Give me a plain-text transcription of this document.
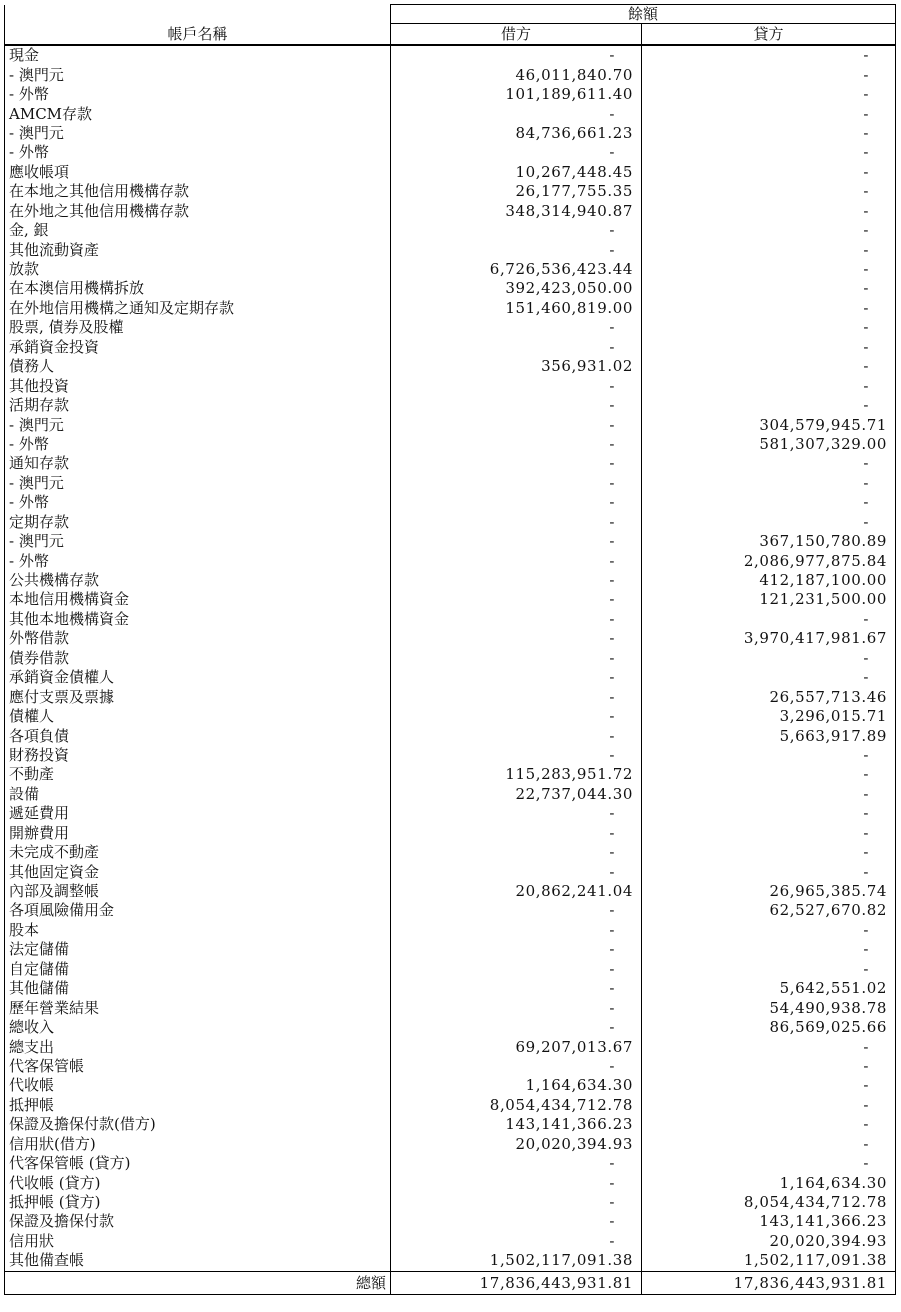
	餘額	
帳戶名稱	借方	貸方
現金	-	-
- 澳門元	46,011,840.70	-
- 外幣	101,189,611.40	-
AMCM存款	-	-
- 澳門元	84,736,661.23	-
- 外幣	-	-
應收帳項	10,267,448.45	-
在本地之其他信用機構存款	26,177,755.35	-
在外地之其他信用機構存款	348,314,940.87	-
金, 銀	-	-
其他流動資產	-	-
放款	6,726,536,423.44	-
在本澳信用機構拆放	392,423,050.00	-
在外地信用機構之通知及定期存款	151,460,819.00	-
股票, 債券及股權	-	-
承銷資金投資	-	-
債務人	356,931.02	-
其他投資	-	-
活期存款	-	-
- 澳門元	-	304,579,945.71
- 外幣	-	581,307,329.00
通知存款	-	-
- 澳門元	-	-
- 外幣	-	-
定期存款	-	-
- 澳門元	-	367,150,780.89
- 外幣	-	2,086,977,875.84
公共機構存款	-	412,187,100.00
本地信用機構資金	-	121,231,500.00
其他本地機構資金	-	-
外幣借款	-	3,970,417,981.67
債券借款	-	-
承銷資金債權人	-	-
應付支票及票據	-	26,557,713.46
債權人	-	3,296,015.71
各項負債	-	5,663,917.89
財務投資	-	-
不動產	115,283,951.72	-
設備	22,737,044.30	-
遞延費用	-	-
開辦費用	-	-
未完成不動產	-	-
其他固定資金	-	-
內部及調整帳	20,862,241.04	26,965,385.74
各項風險備用金	-	62,527,670.82
股本	-	-
法定儲備	-	-
自定儲備	-	-
其他儲備	-	5,642,551.02
歷年營業結果	-	54,490,938.78
總收入	-	86,569,025.66
總支出	69,207,013.67	-
代客保管帳	-	-
代收帳	1,164,634.30	-
抵押帳	8,054,434,712.78	-
保證及擔保付款(借方)	143,141,366.23	-
信用狀(借方)	20,020,394.93	-
代客保管帳 (貸方)	-	-
代收帳 (貸方)	-	1,164,634.30
抵押帳 (貸方)	-	8,054,434,712.78
保證及擔保付款	-	143,141,366.23
信用狀	-	20,020,394.93
其他備查帳	1,502,117,091.38	1,502,117,091.38
總額	17,836,443,931.81	17,836,443,931.81
